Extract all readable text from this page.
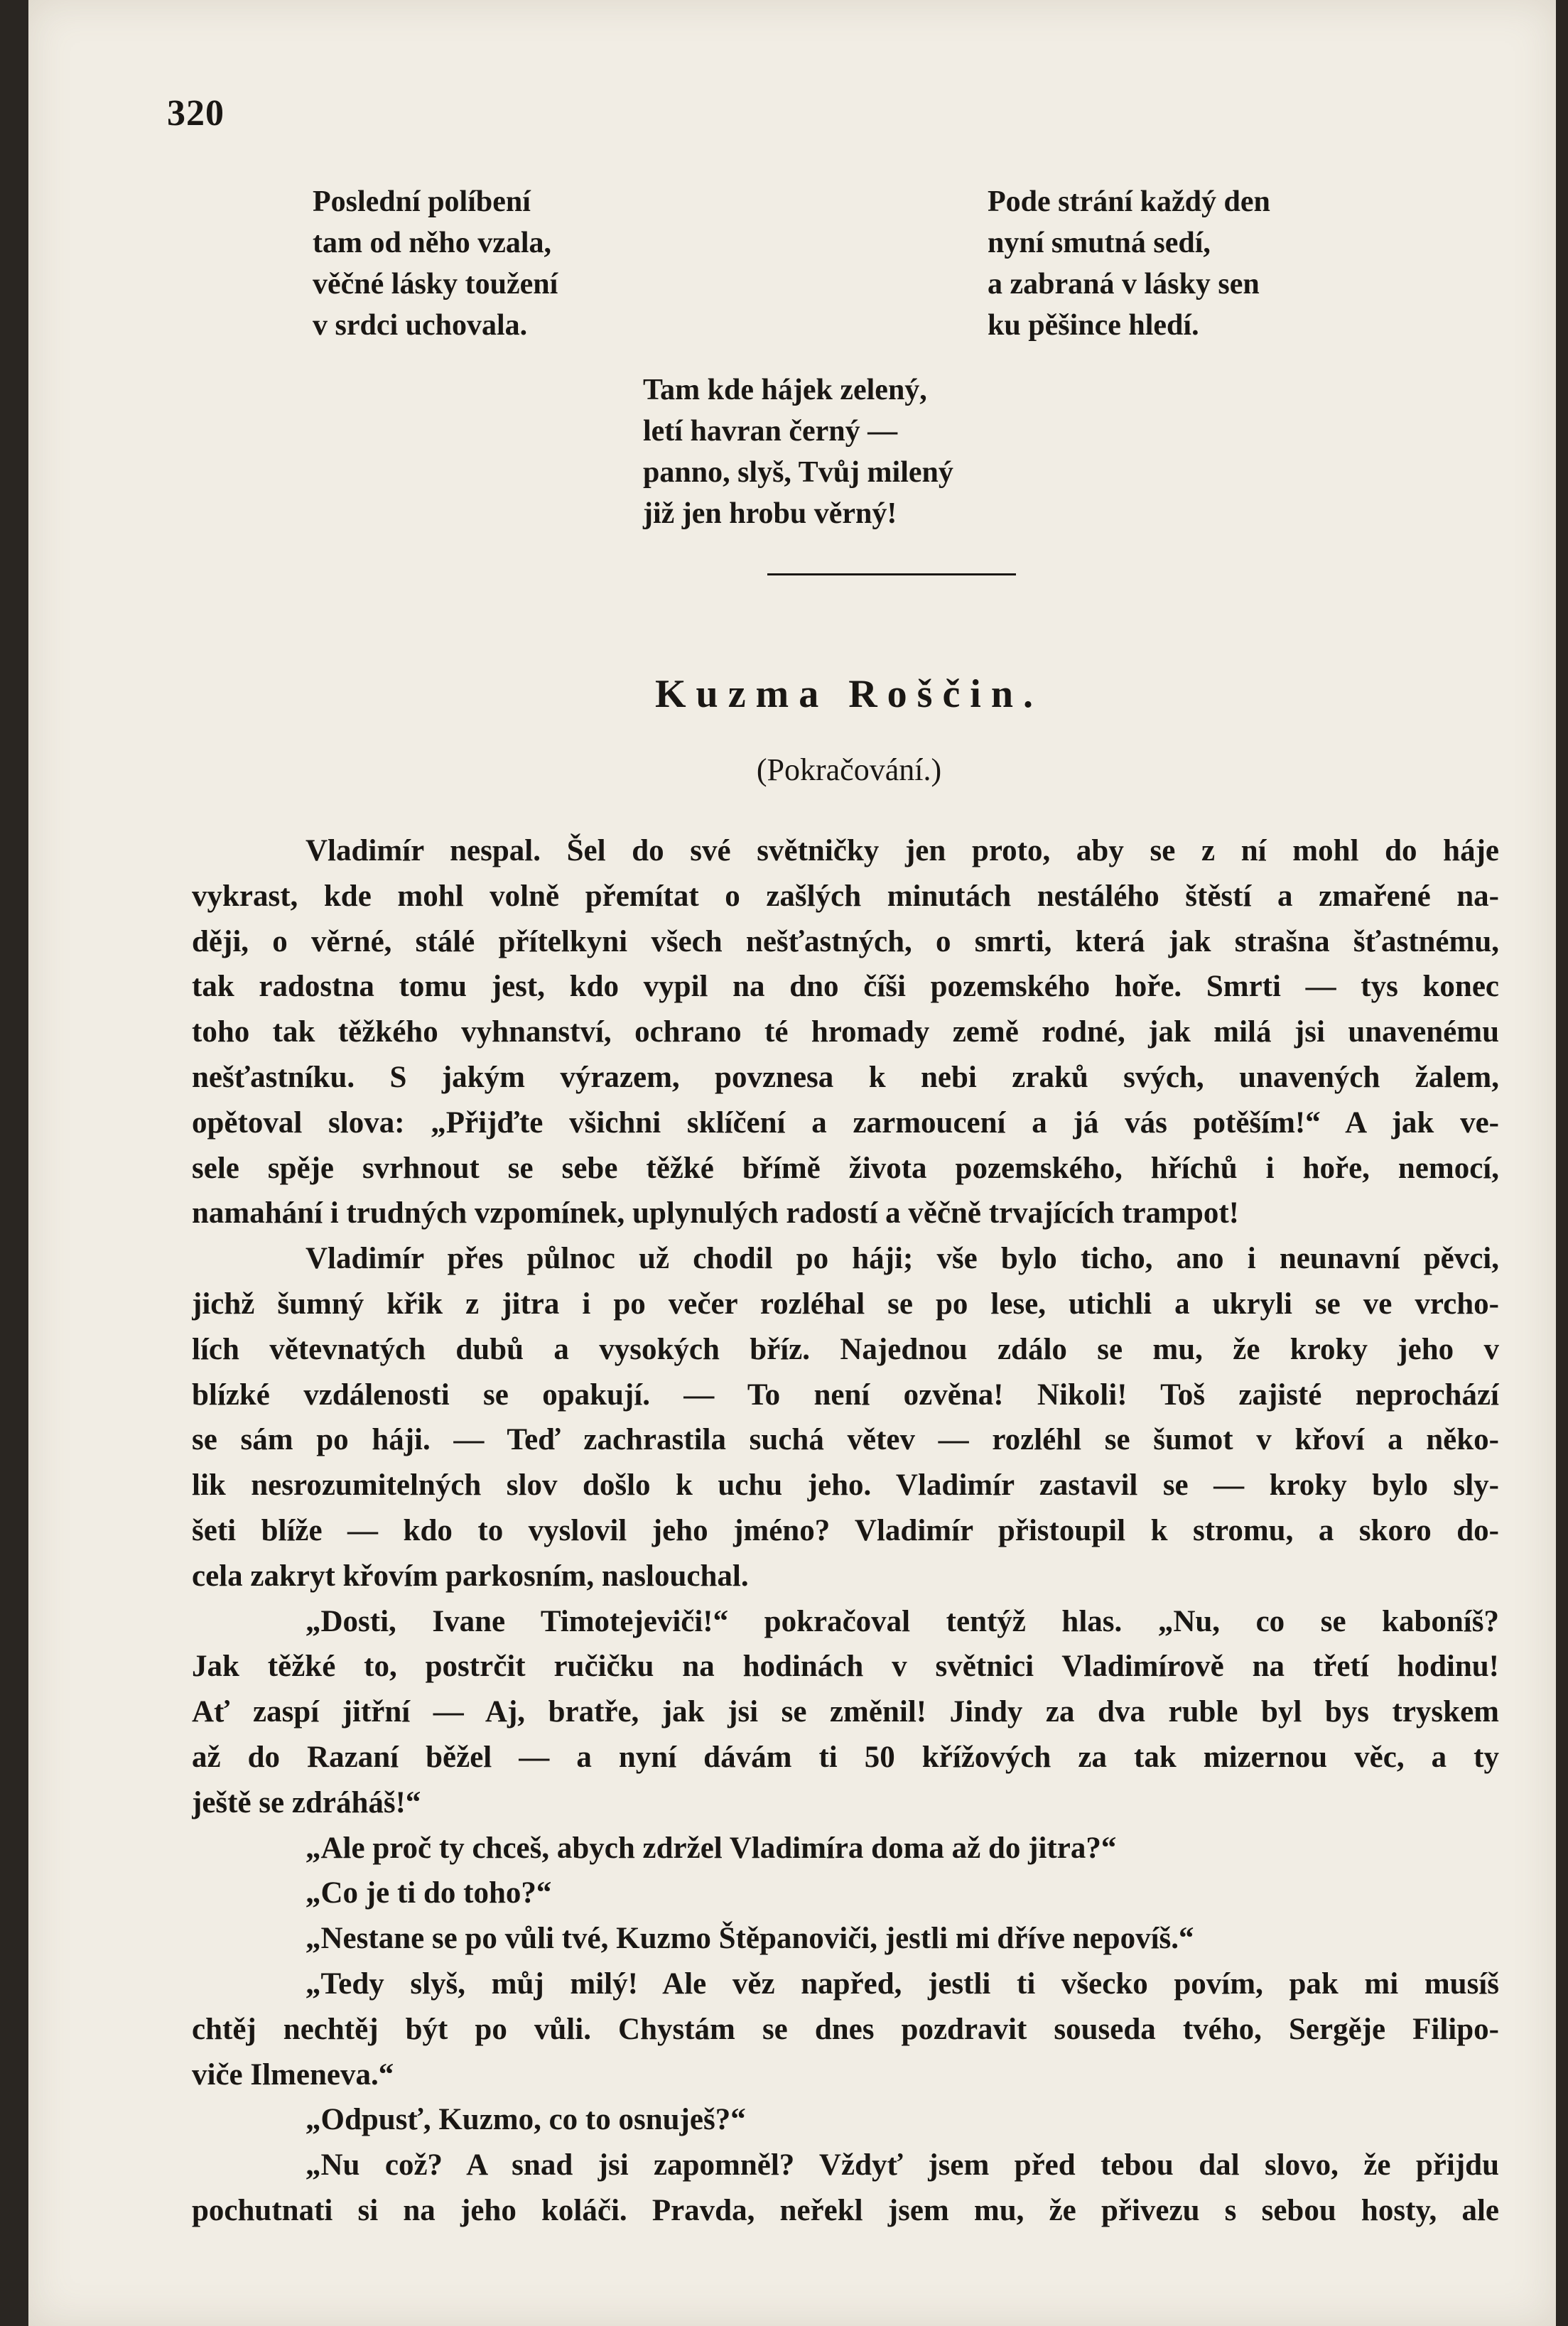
320
Poslední políbení
tam od něho vzala,
věčné lásky toužení
v srdci uchovala.
Pode strání každý den
nyní smutná sedí,
a zabraná v lásky sen
ku pěšince hledí.
Tam kde hájek zelený,
letí havran černý —
panno, slyš, Tvůj milený
již jen hrobu věrný!
Kuzma Roščin.
(Pokračování.)
Vladimír nespal. Šel do své světničky jen proto, aby se z ní mohl do háje
vykrast, kde mohl volně přemítat o zašlých minutách nestálého štěstí a zmařené na-
ději, o věrné, stálé přítelkyni všech nešťastných, o smrti, která jak strašna šťastnému,
tak radostna tomu jest, kdo vypil na dno číši pozemského hoře. Smrti — tys konec
toho tak těžkého vyhnanství, ochrano té hromady země rodné, jak milá jsi unavenému
nešťastníku. S jakým výrazem, povznesa k nebi zraků svých, unavených žalem,
opětoval slova: „Přijďte všichni sklíčení a zarmoucení a já vás potěším!“ A jak ve-
sele spěje svrhnout se sebe těžké břímě života pozemského, hříchů i hoře, nemocí,
namahání i trudných vzpomínek, uplynulých radostí a věčně trvajících trampot!
Vladimír přes půlnoc už chodil po háji; vše bylo ticho, ano i neunavní pěvci,
jichž šumný křik z jitra i po večer rozléhal se po lese, utichli a ukryli se ve vrcho-
lích větevnatých dubů a vysokých bříz. Najednou zdálo se mu, že kroky jeho v
blízké vzdálenosti se opakují. — To není ozvěna! Nikoli! Toš zajisté neprochází
se sám po háji. — Teď zachrastila suchá větev — rozléhl se šumot v křoví a něko-
lik nesrozumitelných slov došlo k uchu jeho. Vladimír zastavil se — kroky bylo sly-
šeti blíže — kdo to vyslovil jeho jméno? Vladimír přistoupil k stromu, a skoro do-
cela zakryt křovím parkosním, naslouchal.
„Dosti, Ivane Timotejeviči!“ pokračoval tentýž hlas. „Nu, co se kaboníš?
Jak těžké to, postrčit ručičku na hodinách v světnici Vladimírově na třetí hodinu!
Ať zaspí jitřní — Aj, bratře, jak jsi se změnil! Jindy za dva ruble byl bys tryskem
až do Razaní běžel — a nyní dávám ti 50 křížových za tak mizernou věc, a ty
ještě se zdráháš!“
„Ale proč ty chceš, abych zdržel Vladimíra doma až do jitra?“
„Co je ti do toho?“
„Nestane se po vůli tvé, Kuzmo Štěpanoviči, jestli mi dříve nepovíš.“
„Tedy slyš, můj milý! Ale věz napřed, jestli ti všecko povím, pak mi musíš
chtěj nechtěj být po vůli. Chystám se dnes pozdravit souseda tvého, Sergěje Filipo-
viče Ilmeneva.“
„Odpusť, Kuzmo, co to osnuješ?“
„Nu což? A snad jsi zapomněl? Vždyť jsem před tebou dal slovo, že přijdu
pochutnati si na jeho koláči. Pravda, neřekl jsem mu, že přivezu s sebou hosty, ale
